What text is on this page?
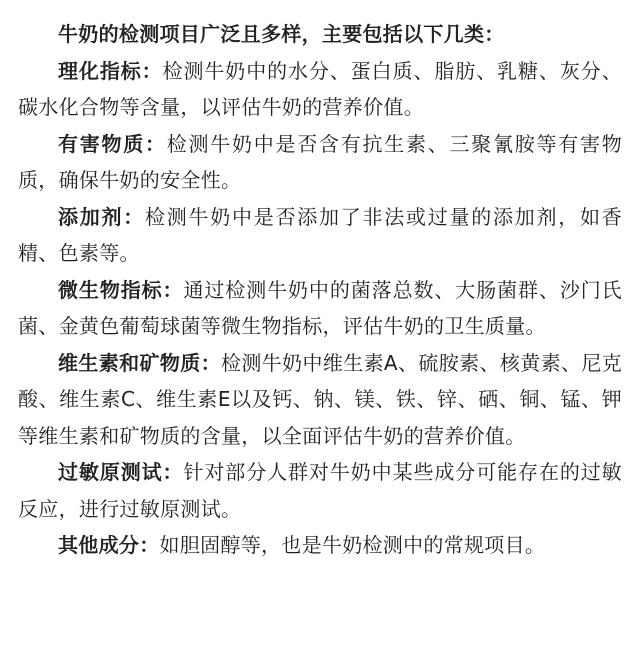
牛奶的检测项目广泛且多样，主要包括以下几类：

理化指标：检测牛奶中的水分、蛋白质、脂肪、乳糖、灰分、碳水化合物等含量，以评估牛奶的营养价值。

有害物质：检测牛奶中是否含有抗生素、三聚氰胺等有害物质，确保牛奶的安全性。

添加剂：检测牛奶中是否添加了非法或过量的添加剂，如香精、色素等。

微生物指标：通过检测牛奶中的菌落总数、大肠菌群、沙门氏菌、金黄色葡萄球菌等微生物指标，评估牛奶的卫生质量。

维生素和矿物质：检测牛奶中维生素A、硫胺素、核黄素、尼克酸、维生素C、维生素E以及钙、钠、镁、铁、锌、硒、铜、锰、钾等维生素和矿物质的含量，以全面评估牛奶的营养价值。

过敏原测试：针对部分人群对牛奶中某些成分可能存在的过敏反应，进行过敏原测试。

其他成分：如胆固醇等，也是牛奶检测中的常规项目。
